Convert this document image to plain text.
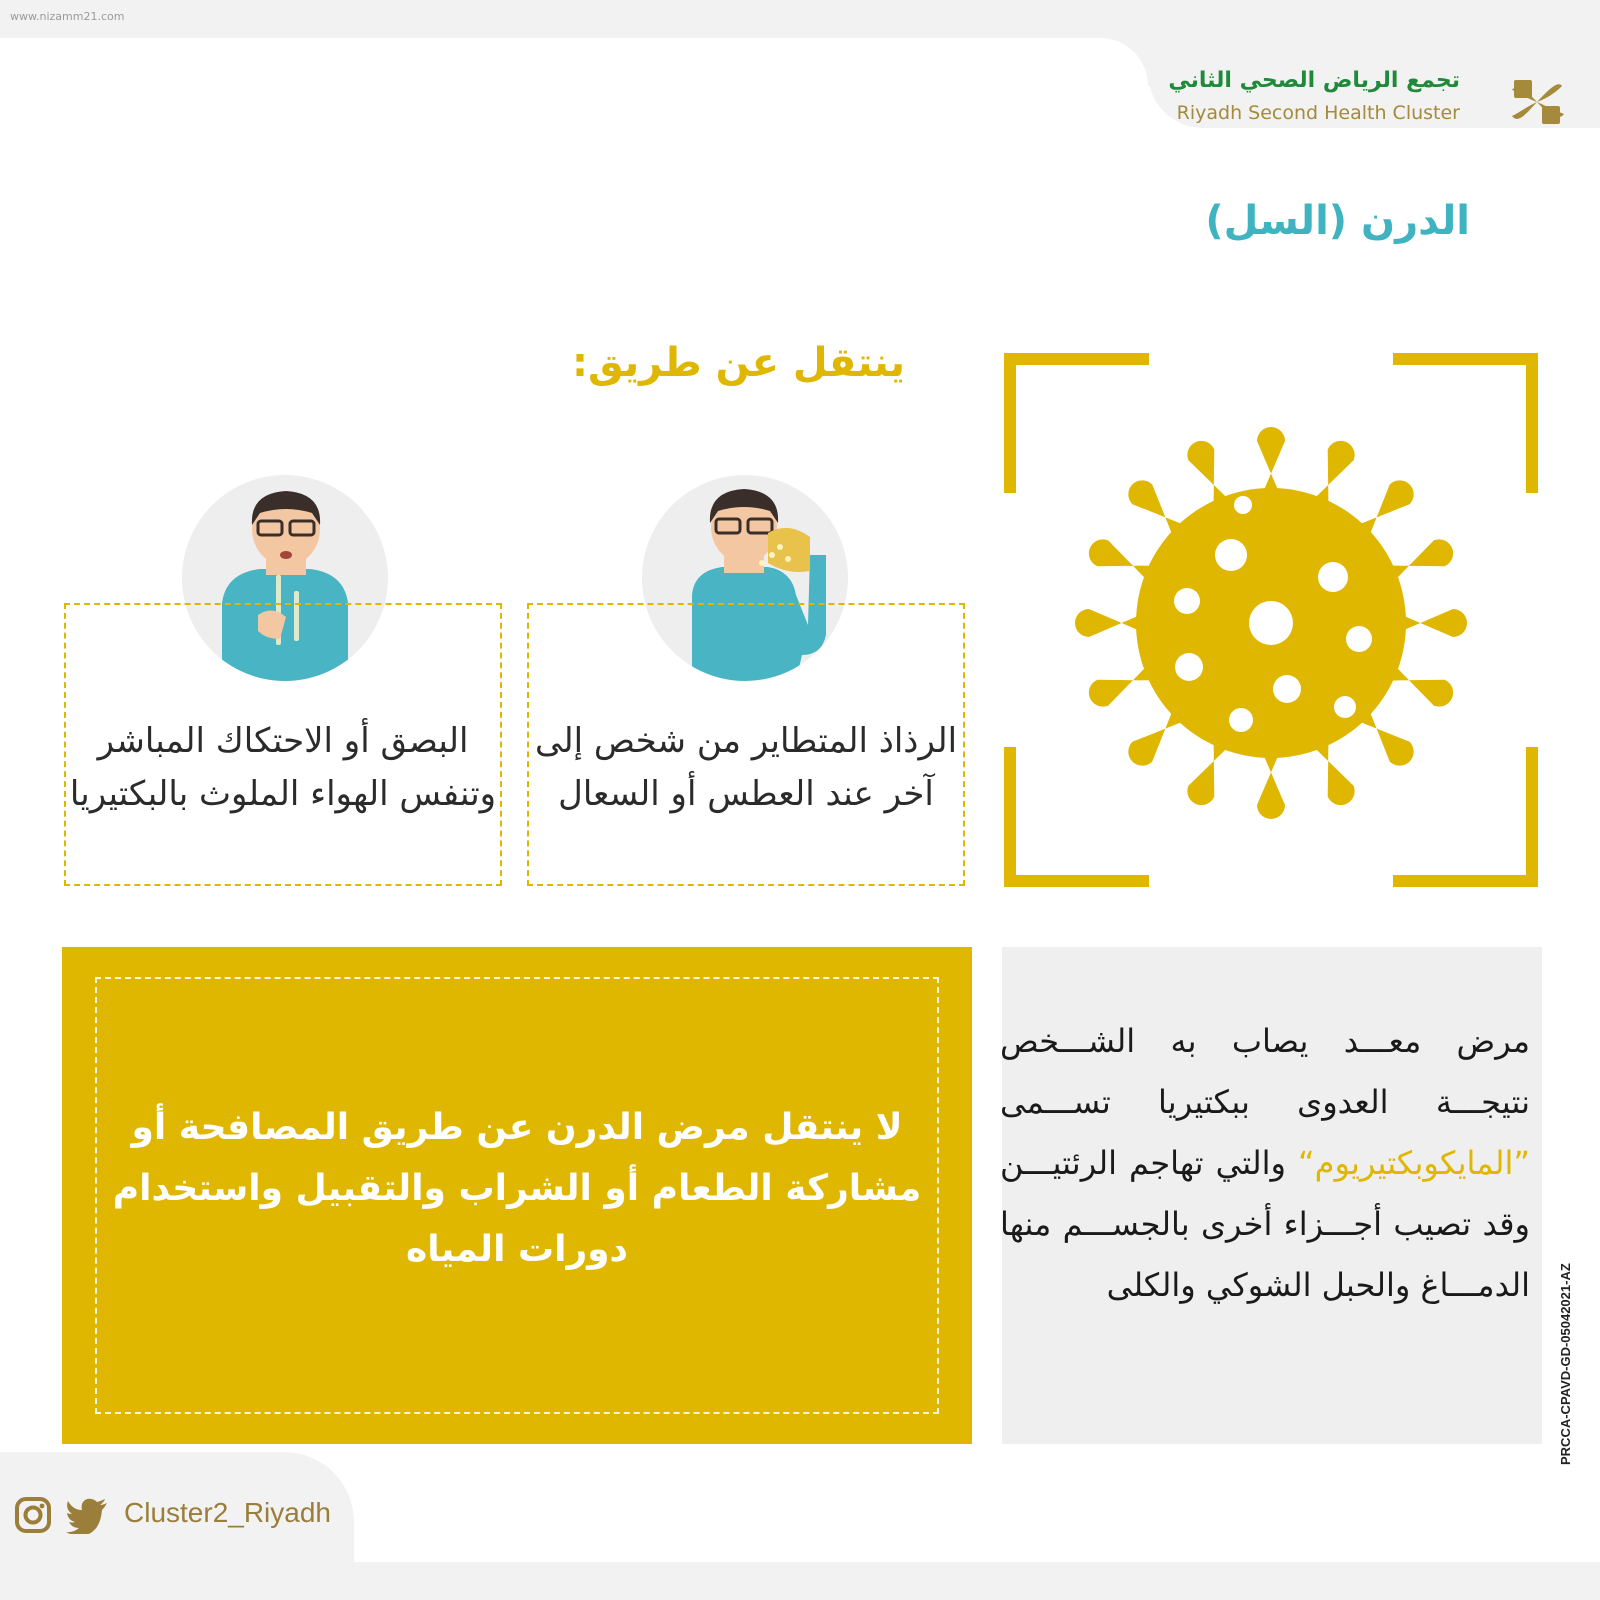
www.nizamm21.com
تجمع الرياض الصحي الثاني
Riyadh Second Health Cluster
الدرن (السل)
ينتقل عن طريق:
الرذاذ المتطاير من شخص إلى آخر عند العطس أو السعال
البصق أو الاحتكاك المباشر وتنفس الهواء الملوث بالبكتيريا
لا ينتقل مرض الدرن عن طريق المصافحة أو مشاركة الطعام أو الشراب والتقبيل واستخدام دورات المياه
مرض معـــد يصاب به الشـــخص نتيجـــة العدوى ببكتيريا تســـمى ”المايكوبكتيريوم“ والتي تهاجم الرئتيـــن وقد تصيب أجـــزاء أخرى بالجســـم منها الدمـــاغ والحبل الشوكي والكلى PRCCA-CPAVD-GD-05042021-AZ
Cluster2_Riyadh
